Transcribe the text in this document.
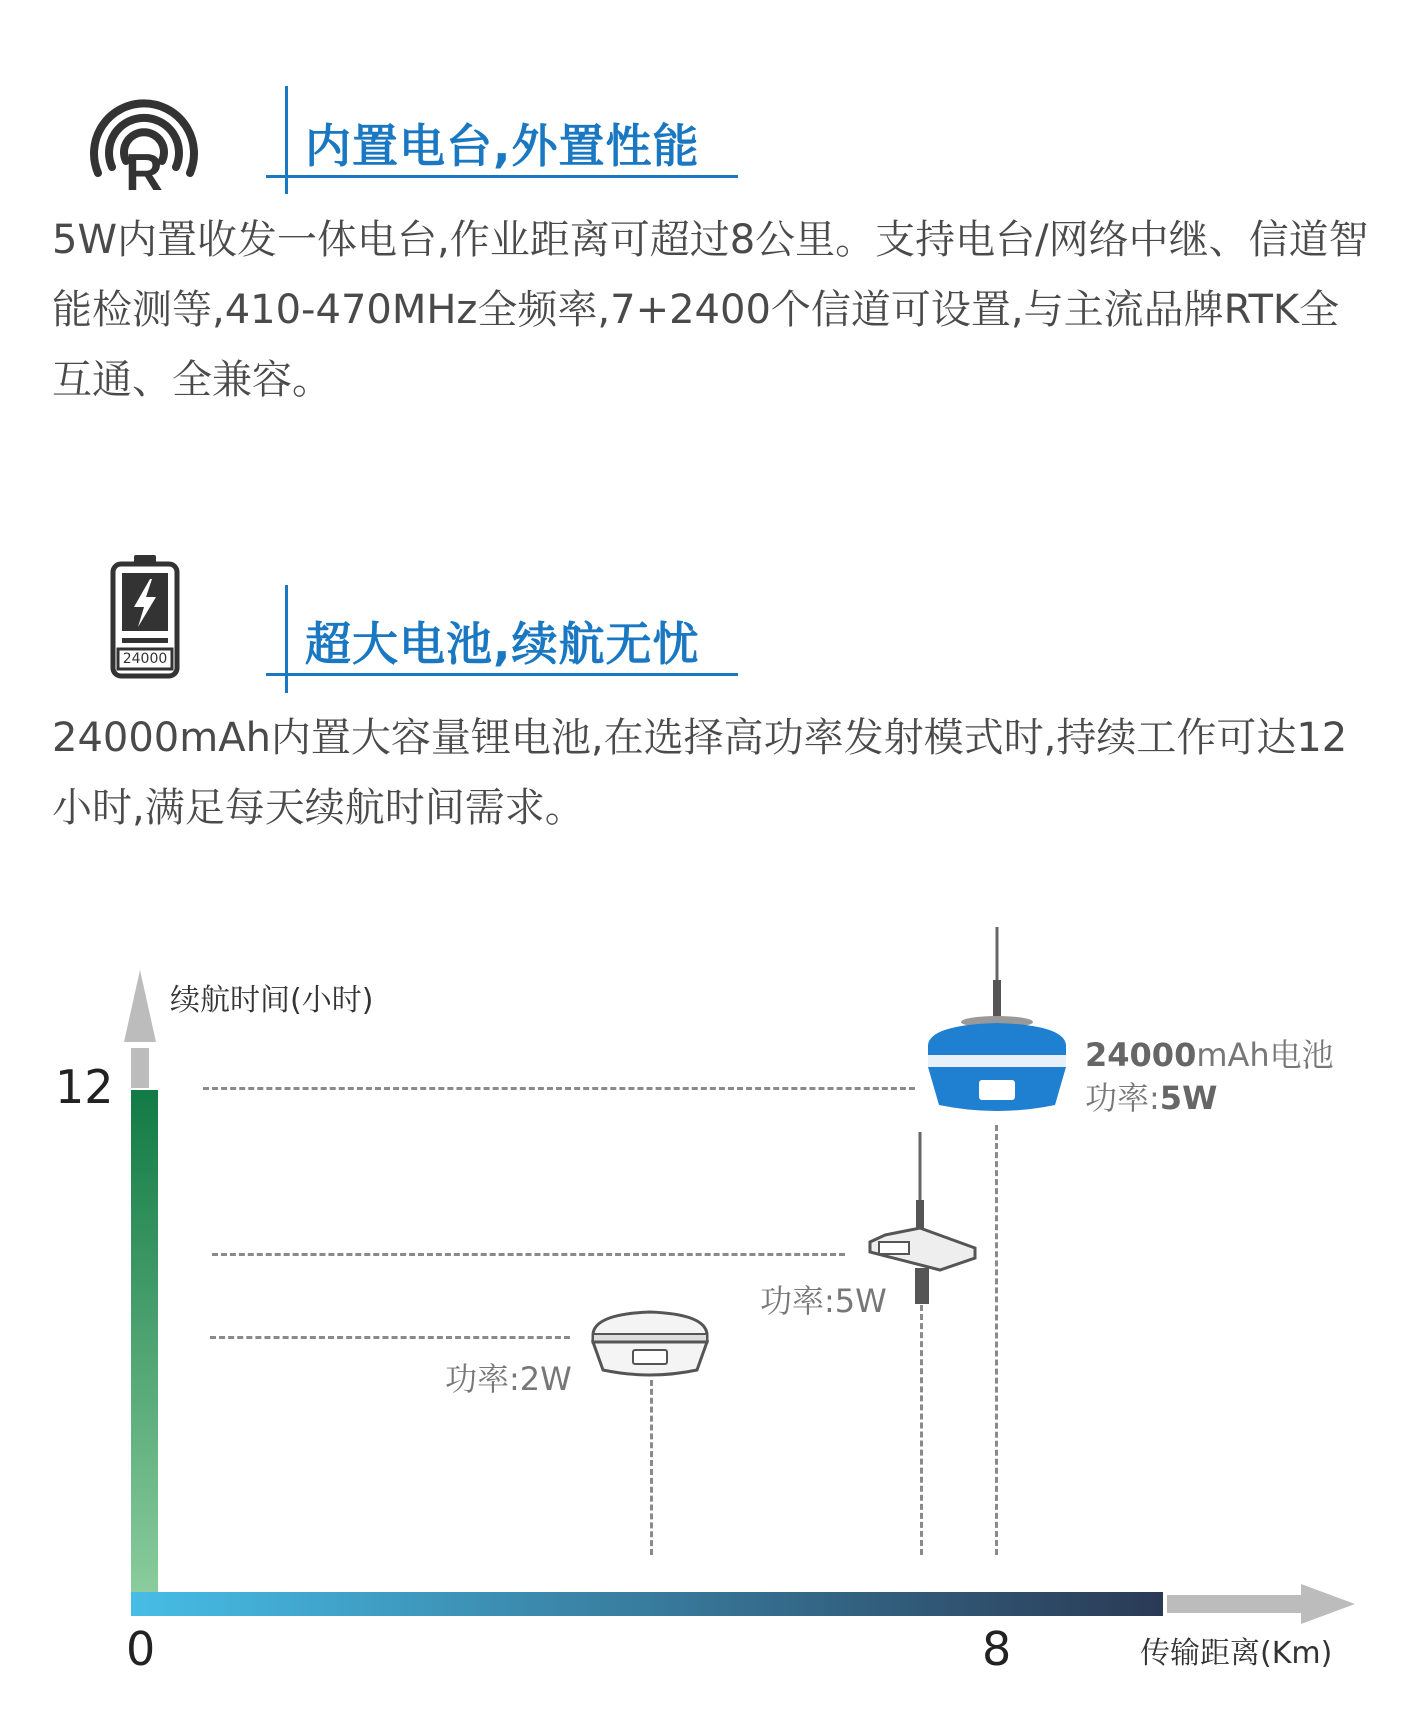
R	内置电台,外置性能
5W内置收发一体电台,作业距离可超过8公里。支持电台/网络中继、信道智能检测等,410-470MHz全频率,7+2400个信道可设置,与主流品牌RTK全互通、全兼容。
24000	超大电池,续航无忧
24000mAh内置大容量锂电池,在选择高功率发射模式时,持续工作可达12小时,满足每天续航时间需求。
续航时间(小时)
传输距离(Km)
12
0	8
24000mAh电池
功率:5W
功率:5W
功率:2W
